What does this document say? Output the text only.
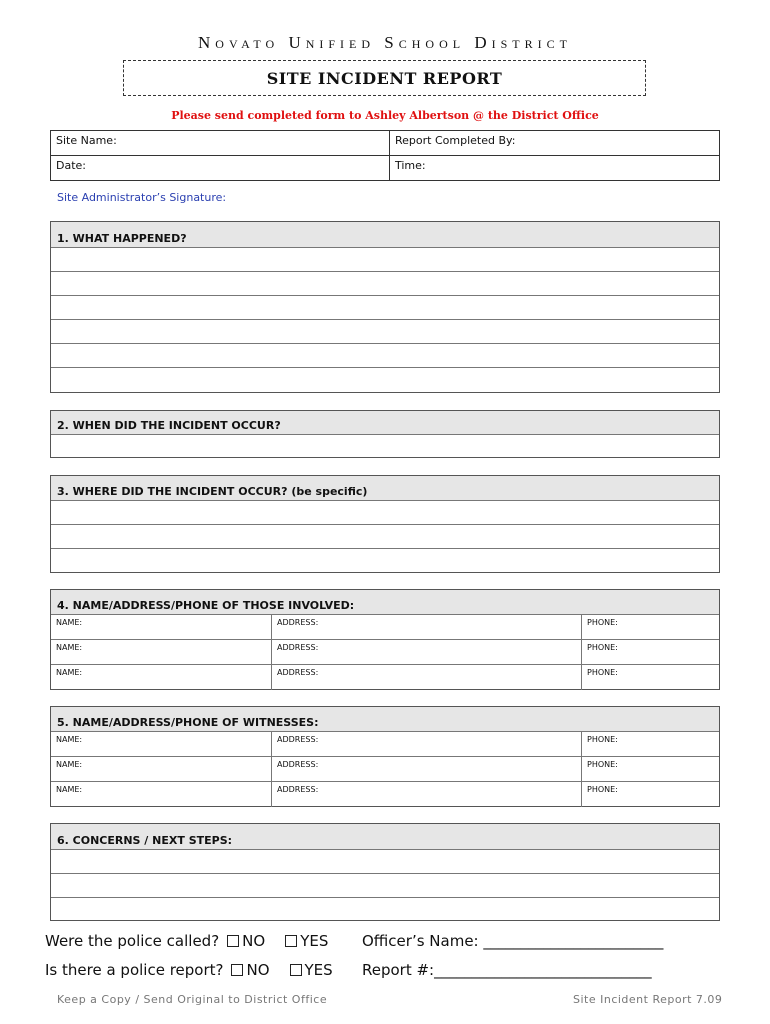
NOVATO UNIFIED SCHOOL DISTRICT
SITE INCIDENT REPORT
Please send completed form to Ashley Albertson @ the District Office
Site Name:	Report Completed By:
Date:	Time:
Site Administrator’s Signature:
1. WHAT HAPPENED?
2. WHEN DID THE INCIDENT OCCUR?
3. WHERE DID THE INCIDENT OCCUR? (be specific)
4. NAME/ADDRESS/PHONE OF THOSE INVOLVED:
NAME:	ADDRESS:	PHONE:
NAME:	ADDRESS:	PHONE:
NAME:	ADDRESS:	PHONE:
5. NAME/ADDRESS/PHONE OF WITNESSES:
NAME:	ADDRESS:	PHONE:
NAME:	ADDRESS:	PHONE:
NAME:	ADDRESS:	PHONE:
6. CONCERNS / NEXT STEPS:
Were the police called? NO YES Officer’s Name: ________________________
Is there a police report? NO YES Report #:_____________________________
Keep a Copy / Send Original to District Office	Site Incident Report 7.09
